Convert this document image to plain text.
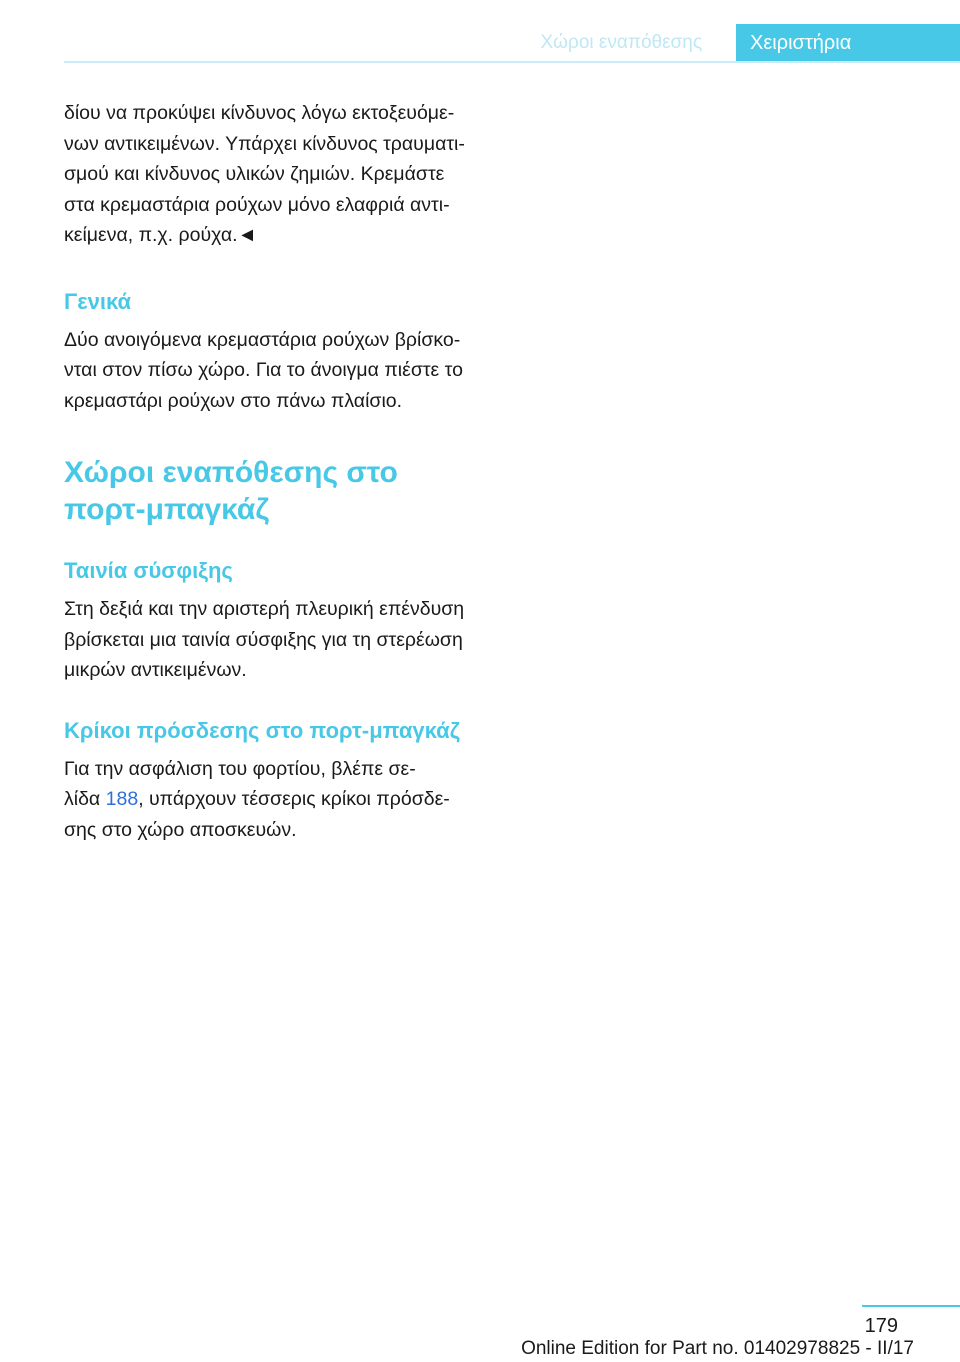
Χώροι εναπόθεσης	Χειριστήρια

δίου να προκύψει κίνδυνος λόγω εκτοξευόμε-
νων αντικειμένων. Υπάρχει κίνδυνος τραυματι-
σμού και κίνδυνος υλικών ζημιών. Κρεμάστε
στα κρεμαστάρια ρούχων μόνο ελαφριά αντι-
κείμενα, π.χ. ρούχα.◄

Γενικά

Δύο ανοιγόμενα κρεμαστάρια ρούχων βρίσκο-
νται στον πίσω χώρο. Για το άνοιγμα πιέστε το
κρεμαστάρι ρούχων στο πάνω πλαίσιο.

Χώροι εναπόθεσης στο
πορτ-μπαγκάζ
Ταινία σύσφιξης

Στη δεξιά και την αριστερή πλευρική επένδυση
βρίσκεται μια ταινία σύσφιξης για τη στερέωση
μικρών αντικειμένων.

Κρίκοι πρόσδεσης στο πορτ-μπαγκάζ

Για την ασφάλιση του φορτίου, βλέπε σε-
λίδα 188, υπάρχουν τέσσερις κρίκοι πρόσδε-
σης στο χώρο αποσκευών.

179
Online Edition for Part no. 01402978825 - II/17
